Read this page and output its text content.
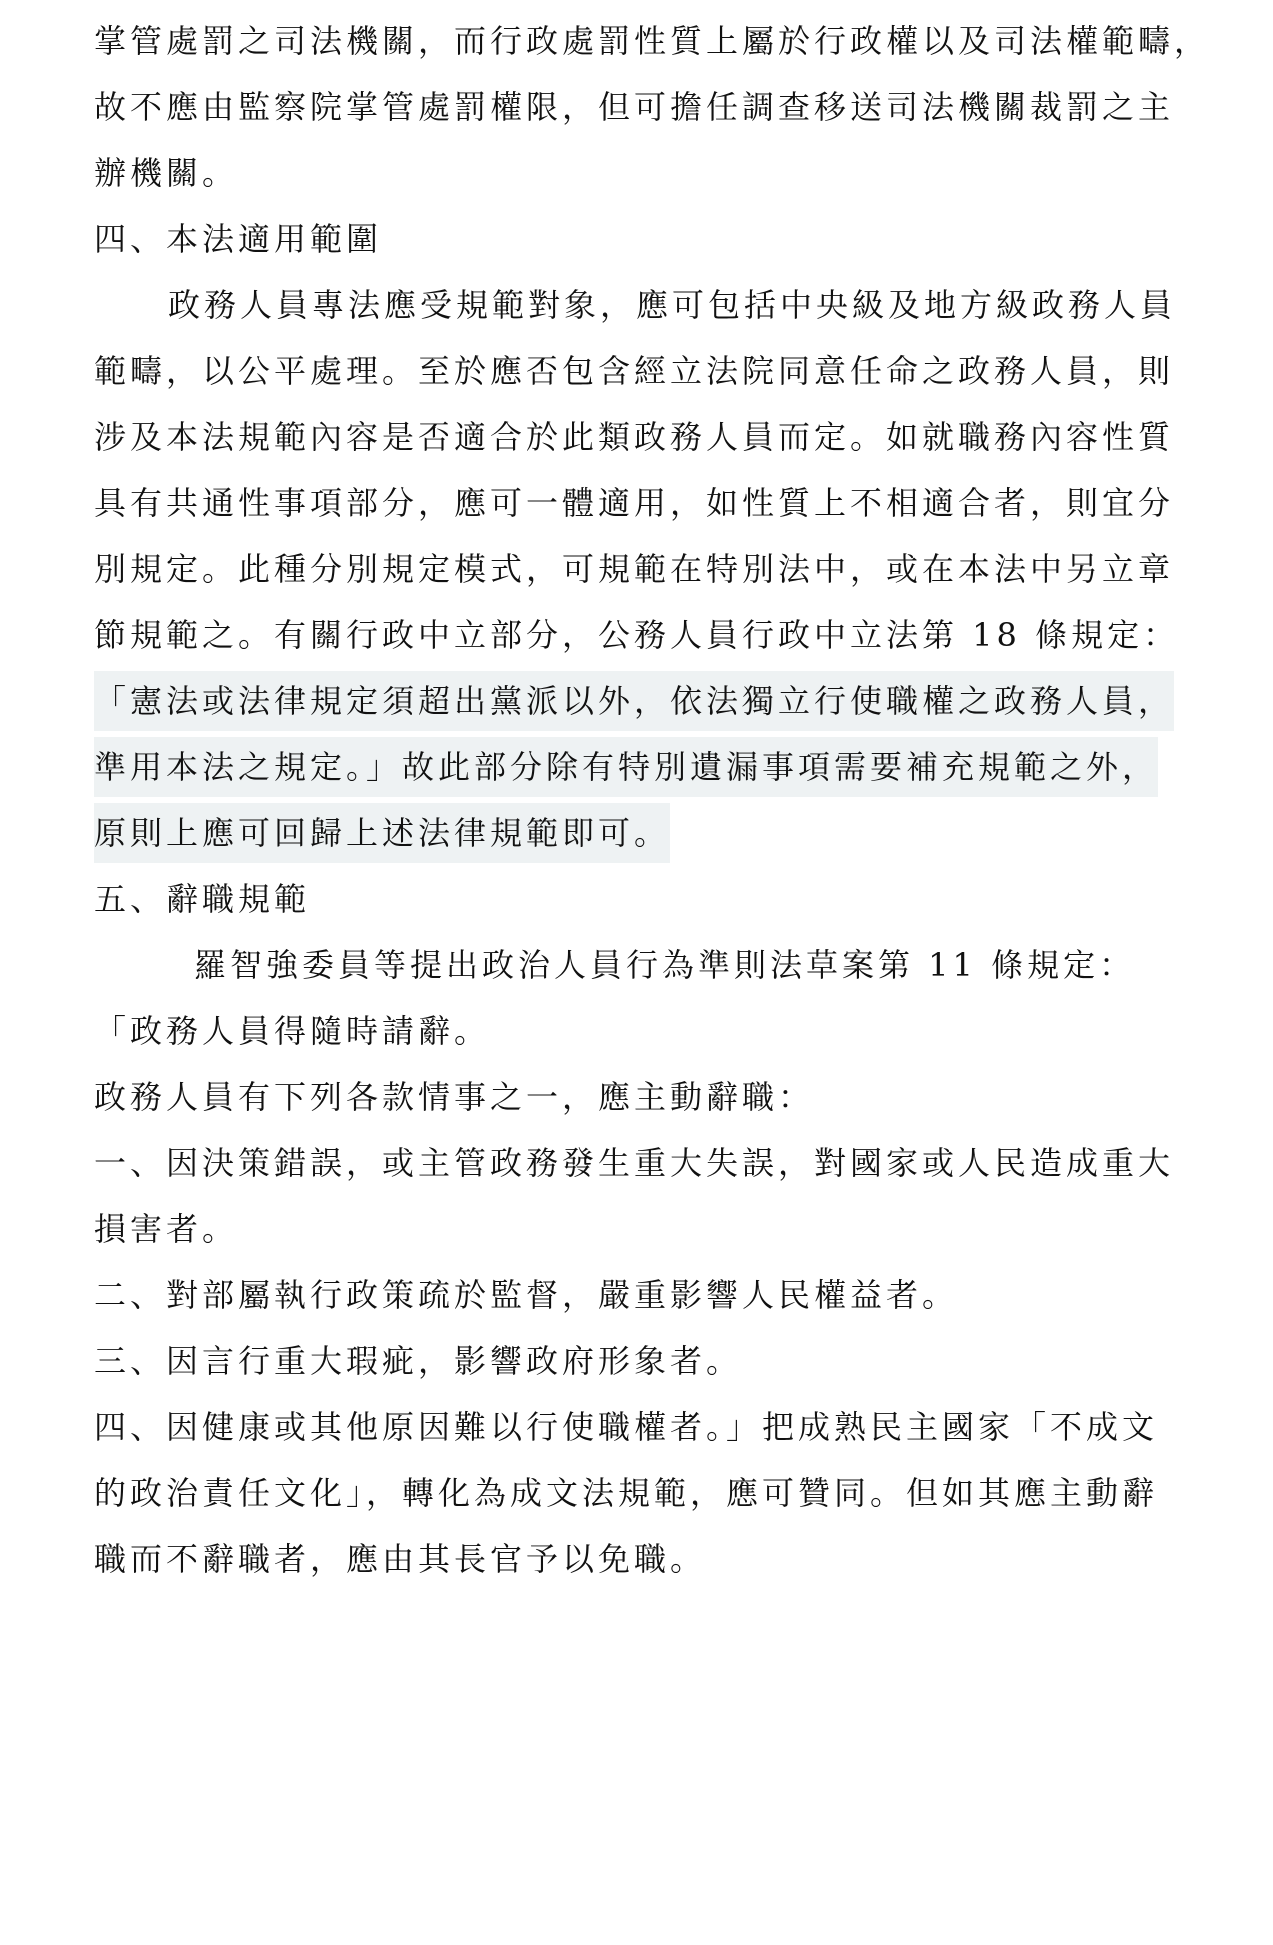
掌管處罰之司法機關，而行政處罰性質上屬於行政權以及司法權範疇，
故不應由監察院掌管處罰權限，但可擔任調查移送司法機關裁罰之主
辦機關。
四、本法適用範圍
政務人員專法應受規範對象，應可包括中央級及地方級政務人員
範疇，以公平處理。至於應否包含經立法院同意任命之政務人員，則
涉及本法規範內容是否適合於此類政務人員而定。如就職務內容性質
具有共通性事項部分，應可一體適用，如性質上不相適合者，則宜分
別規定。此種分別規定模式，可規範在特別法中，或在本法中另立章
節規範之。有關行政中立部分，公務人員行政中立法第 18 條規定：
「憲法或法律規定須超出黨派以外，依法獨立行使職權之政務人員，
準用本法之規定。」故此部分除有特別遺漏事項需要補充規範之外，
原則上應可回歸上述法律規範即可。
五、辭職規範
羅智強委員等提出政治人員行為準則法草案第 11 條規定：
「政務人員得隨時請辭。
政務人員有下列各款情事之一，應主動辭職：
一、因決策錯誤，或主管政務發生重大失誤，對國家或人民造成重大
損害者。
二、對部屬執行政策疏於監督，嚴重影響人民權益者。
三、因言行重大瑕疵，影響政府形象者。
四、因健康或其他原因難以行使職權者。」把成熟民主國家「不成文
的政治責任文化」，轉化為成文法規範，應可贊同。但如其應主動辭
職而不辭職者，應由其長官予以免職。
